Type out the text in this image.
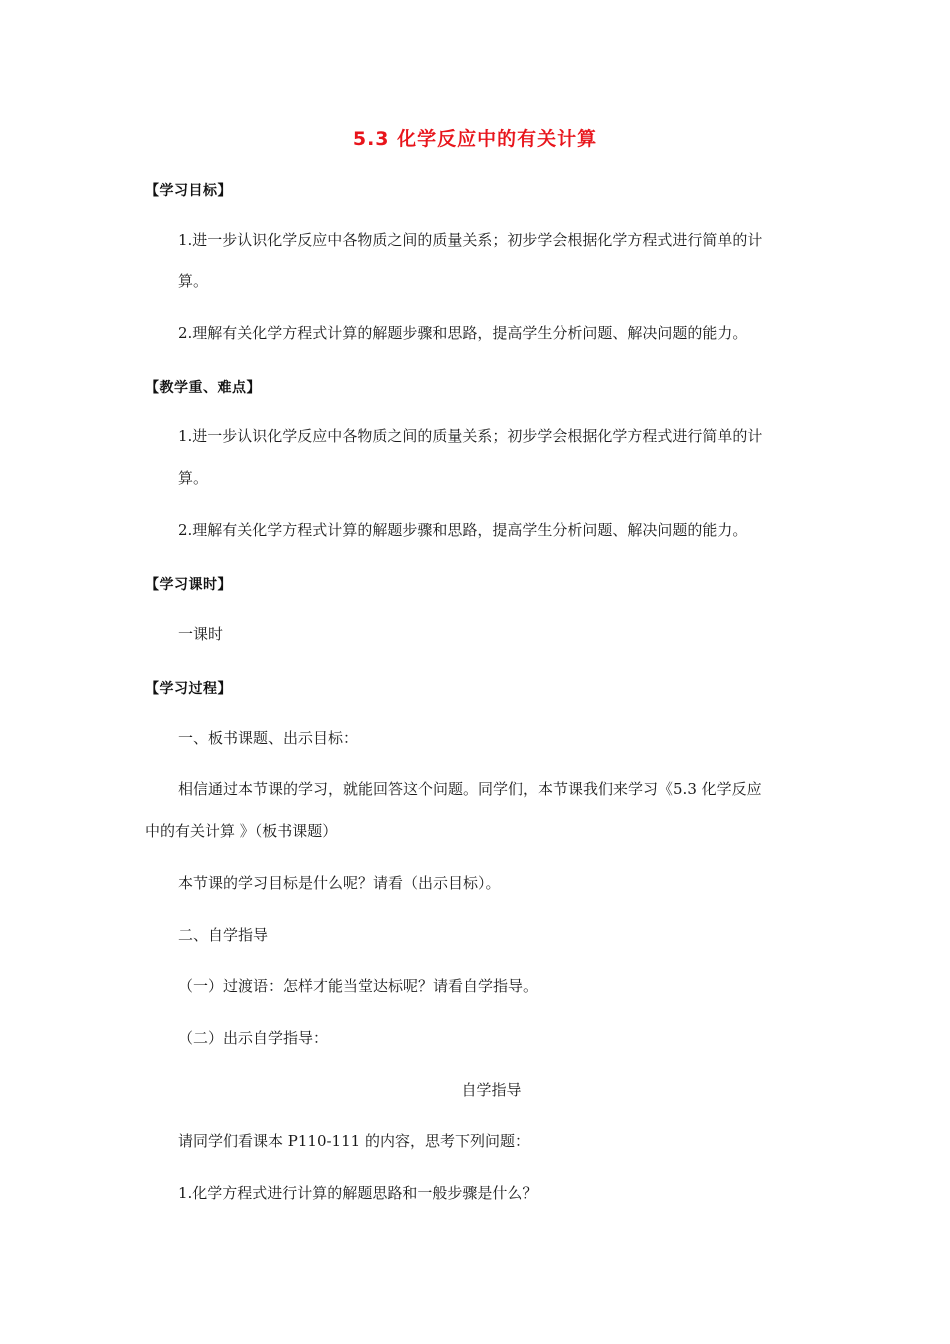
5.3 化学反应中的有关计算
【学习目标】
1.进一步认识化学反应中各物质之间的质量关系；初步学会根据化学方程式进行简单的计
算。
2.理解有关化学方程式计算的解题步骤和思路，提高学生分析问题、解决问题的能力。
【教学重、难点】
1.进一步认识化学反应中各物质之间的质量关系；初步学会根据化学方程式进行简单的计
算。
2.理解有关化学方程式计算的解题步骤和思路，提高学生分析问题、解决问题的能力。
【学习课时】
一课时
【学习过程】
一、板书课题、出示目标：
相信通过本节课的学习，就能回答这个问题。同学们，本节课我们来学习《5.3 化学反应
中的有关计算 》（板书课题）
本节课的学习目标是什么呢？请看（出示目标）。
二、自学指导
（一）过渡语：怎样才能当堂达标呢？请看自学指导。
（二）出示自学指导：
自学指导
请同学们看课本 P110-111 的内容，思考下列问题：
1.化学方程式进行计算的解题思路和一般步骤是什么？
